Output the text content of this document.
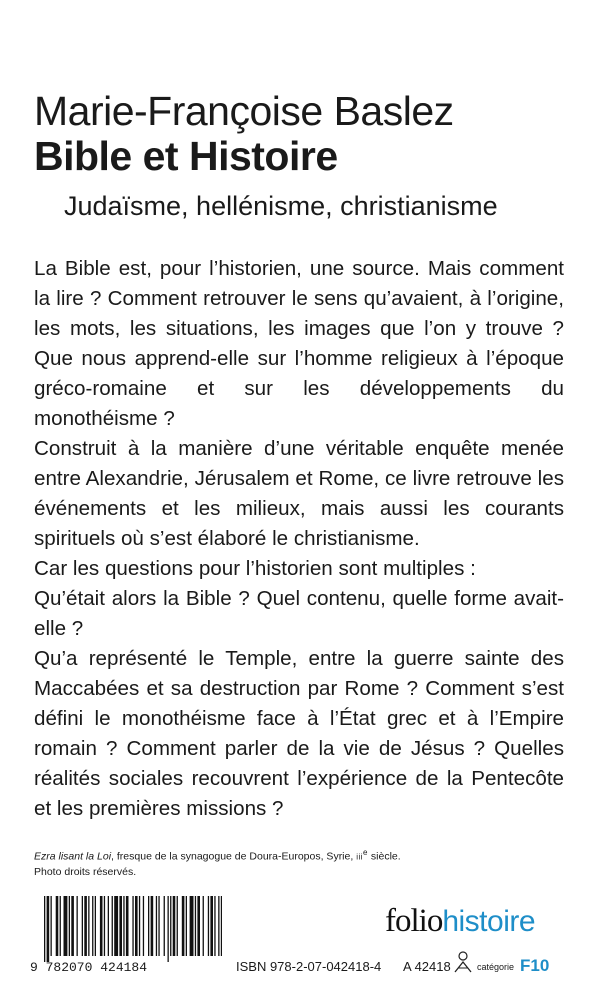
Marie-Françoise Baslez
Bible et Histoire
Judaïsme, hellénisme, christianisme

La Bible est, pour l’historien, une source. Mais comment la lire ? Comment retrouver le sens qu’avaient, à l’origine, les mots, les situations, les images que l’on y trouve ? Que nous apprend-elle sur l’homme religieux à l’époque gréco-romaine et sur les développements du monothéisme ?

Construit à la manière d’une véritable enquête menée entre Alexandrie, Jérusalem et Rome, ce livre retrouve les événements et les milieux, mais aussi les courants spirituels où s’est élaboré le christianisme.

Car les questions pour l’historien sont multiples :

Qu’était alors la Bible ? Quel contenu, quelle forme avait-elle ?

Qu’a représenté le Temple, entre la guerre sainte des Maccabées et sa destruction par Rome ? Comment s’est défini le monothéisme face à l’État grec et à l’Empire romain ? Comment parler de la vie de Jésus ? Quelles réalités sociales recouvrent l’expérience de la Pentecôte et les premières missions ?

Ezra lisant la Loi, fresque de la synagogue de Doura-Europos, Syrie, iii$^e$ siècle.
Photo droits réservés.
9 782070 424184
foliohistoire
ISBN 978-2-07-042418-4 A 42418	catégorie F10
